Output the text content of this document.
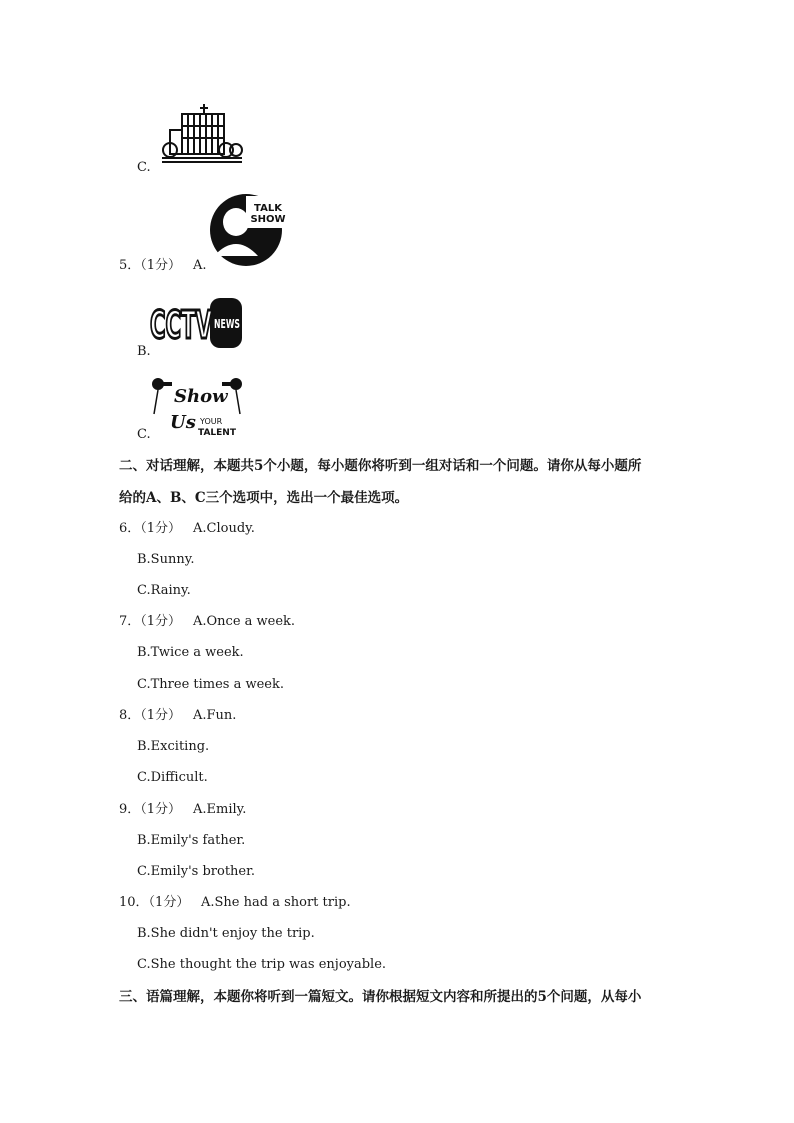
C.
TALK
SHOW
5．（1分） A.
CCTV NEWS
B.
Show
Us YOUR
TALENT
C.
二、对话理解，本题共5个小题，每小题你将听到一组对话和一个问题。请你从每小题所
给的A、B、C三个选项中，选出一个最佳选项。
6．（1分） A.Cloudy.
B.Sunny.
C.Rainy.
7．（1分） A.Once a week.
B.Twice a week.
C.Three times a week.
8．（1分） A.Fun.
B.Exciting.
C.Difficult.
9．（1分） A.Emily.
B.Emily's father.
C.Emily's brother.
10．（1分） A.She had a short trip.
B.She didn't enjoy the trip.
C.She thought the trip was enjoyable.
三、语篇理解，本题你将听到一篇短文。请你根据短文内容和所提出的5个问题，从每小
